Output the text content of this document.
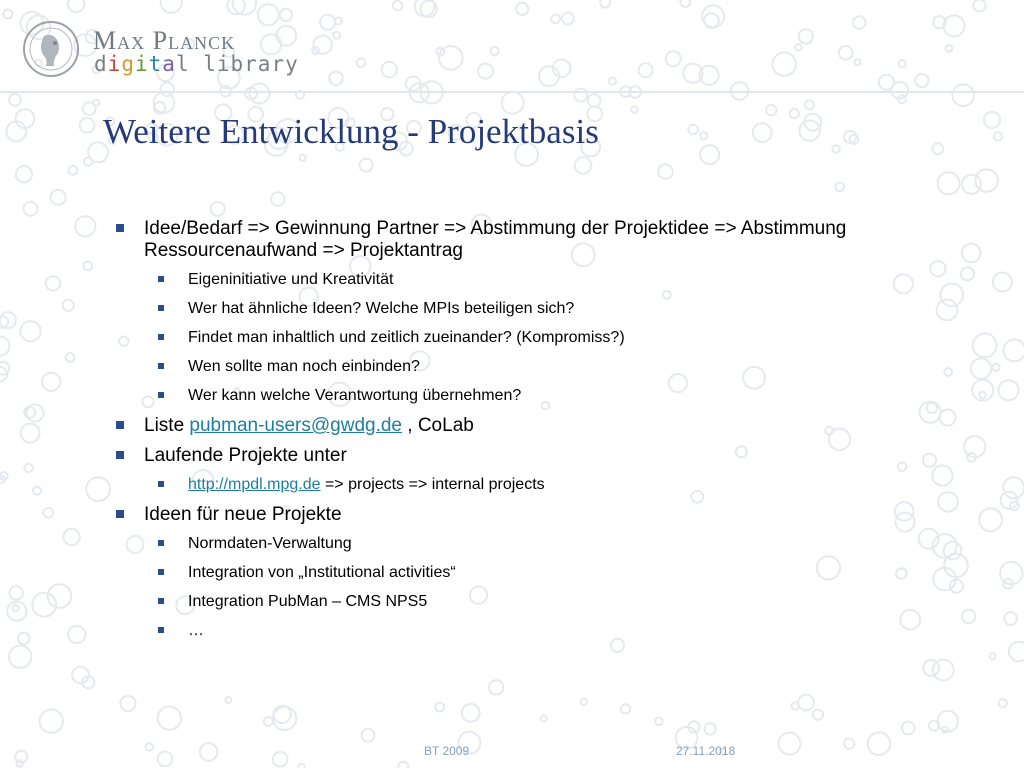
Max Planck
digital library
Weitere Entwicklung - Projektbasis
Idee/Bedarf => Gewinnung Partner => Abstimmung der Projektidee => Abstimmung Ressourcenaufwand => Projektantrag
Eigeninitiative und Kreativität
Wer hat ähnliche Ideen? Welche MPIs beteiligen sich?
Findet man inhaltlich und zeitlich zueinander? (Kompromiss?)
Wen sollte man noch einbinden?
Wer kann welche Verantwortung übernehmen?
Liste pubman-users@gwdg.de , CoLab
Laufende Projekte unter
http://mpdl.mpg.de => projects => internal projects
Ideen für neue Projekte
Normdaten-Verwaltung
Integration von „Institutional activities“
Integration PubMan – CMS NPS5
…
BT 2009	27.11.2018
